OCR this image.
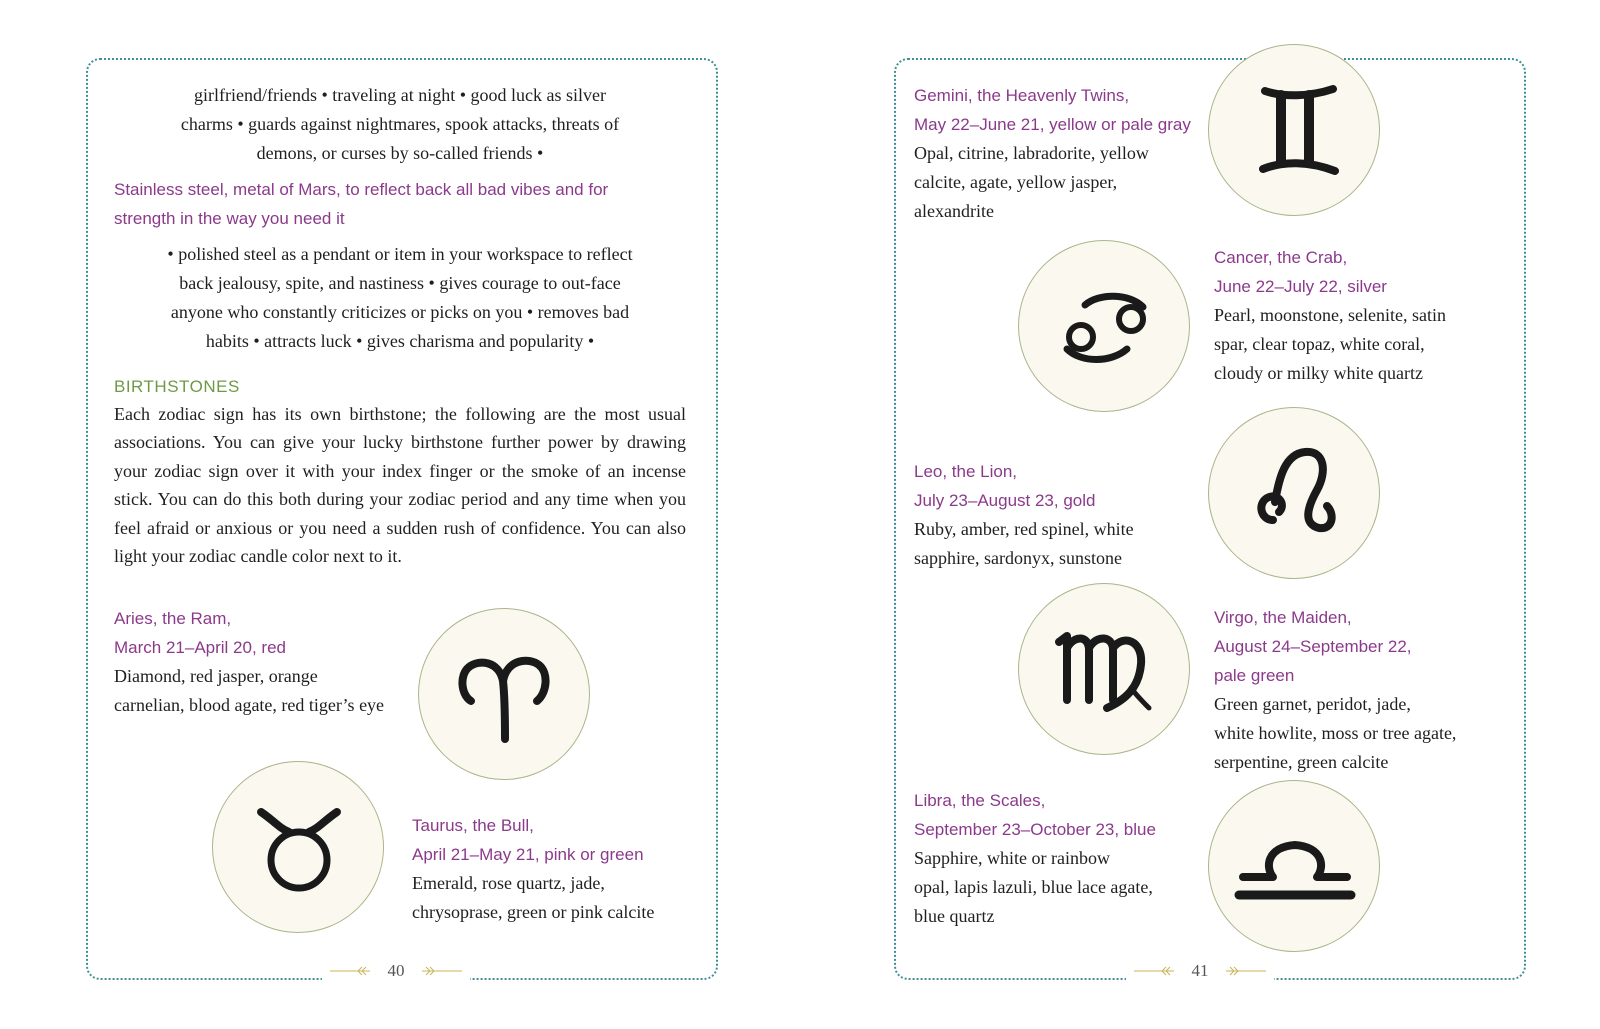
40	41
girlfriend/friends • traveling at night • good luck as silver
charms • guards against nightmares, spook attacks, threats of
demons, or curses by so-called friends •
Stainless steel, metal of Mars, to reflect back all bad vibes and for
strength in the way you need it
• polished steel as a pendant or item in your workspace to reflect
back jealousy, spite, and nastiness • gives courage to out-face
anyone who constantly criticizes or picks on you • removes bad
habits • attracts luck • gives charisma and popularity •
BIRTHSTONES
Each zodiac sign has its own birthstone; the following are the most usual associations. You can give your lucky birthstone further power by drawing your zodiac sign over it with your index finger or the smoke of an incense stick. You can do this both during your zodiac period and any time when you feel afraid or anxious or you need a sudden rush of confidence. You can also light your zodiac candle color next to it.
Aries, the Ram,
March 21–April 20, red
Diamond, red jasper, orange
carnelian, blood agate, red tiger’s eye
Taurus, the Bull,
April 21–May 21, pink or green
Emerald, rose quartz, jade,
chrysoprase, green or pink calcite
Gemini, the Heavenly Twins,
May 22–June 21, yellow or pale gray
Opal, citrine, labradorite, yellow
calcite, agate, yellow jasper,
alexandrite
Cancer, the Crab,
June 22–July 22, silver
Pearl, moonstone, selenite, satin
spar, clear topaz, white coral,
cloudy or milky white quartz
Leo, the Lion,
July 23–August 23, gold
Ruby, amber, red spinel, white
sapphire, sardonyx, sunstone
Virgo, the Maiden,
August 24–September 22,
pale green
Green garnet, peridot, jade,
white howlite, moss or tree agate,
serpentine, green calcite
Libra, the Scales,
September 23–October 23, blue
Sapphire, white or rainbow
opal, lapis lazuli, blue lace agate,
blue quartz
